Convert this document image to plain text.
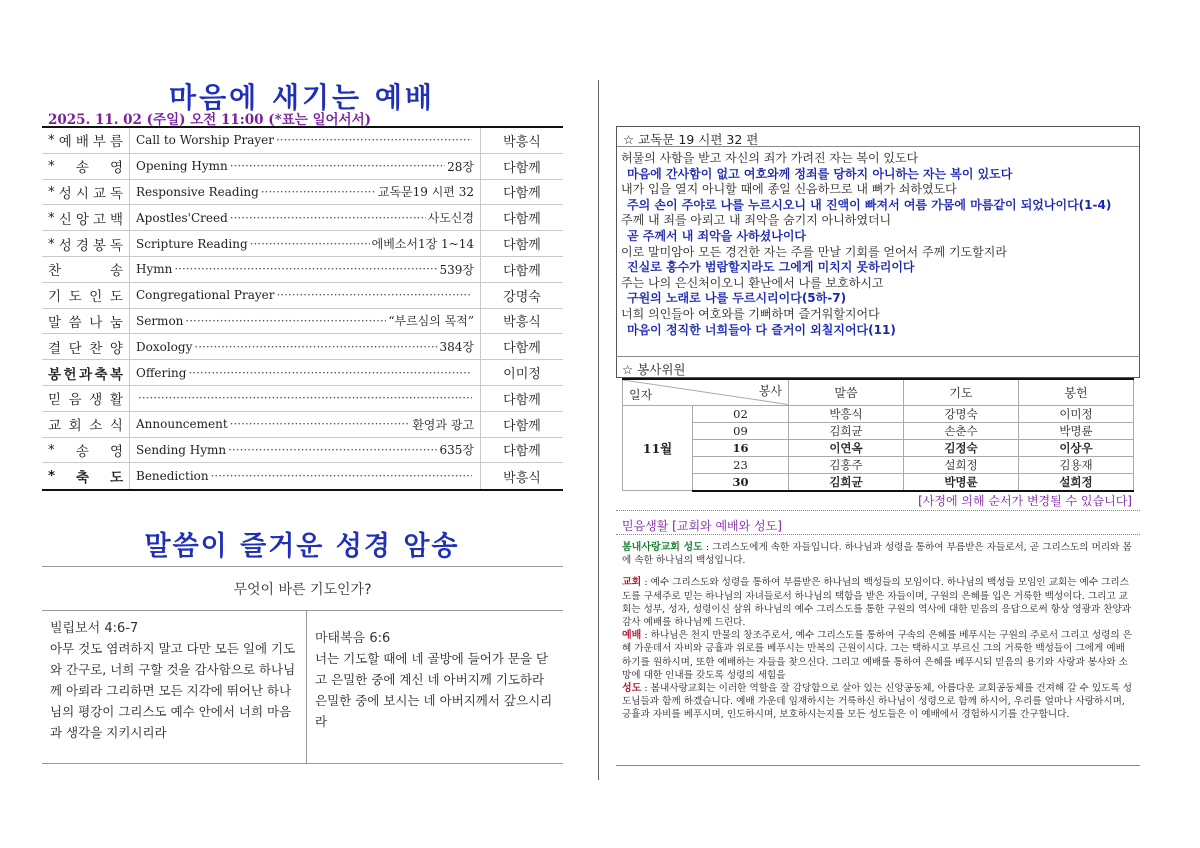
마음에 새기는 예배
2025. 11. 02 (주일) 오전 11:00 (*표는 일어서서)
* 예 배 부 름 Call to Worship Prayer ·····	박흥식
* 송 영 Opening Hymn ·····	28장	다함께
* 성 시 교 독 Responsive Reading ·····	교독문19 시편 32	다함께
* 신 앙 고 백 Apostles'Creed ·····	사도신경	다함께
* 성 경 봉 독 Scripture Reading ·····	에베소서1장 1~14	다함께
찬	송 Hymn ·····	539장	다함께
기 도 인 도 Congregational Prayer ·····	강명숙
말 씀 나 눔 Sermon ·····	“부르심의 목적”	박흥식
결 단 찬 양 Doxology ·····	384장	다함께
봉 헌 과 축 복 Offering ·····	이미정
믿 음 생 활 ·····	다함께
교 회 소 식 Announcement ·····	환영과 광고	다함께
* 송 영 Sending Hymn ·····	635장	다함께
* 축 도 Benediction ·····	박흥식
말씀이 즐거운 성경 암송
무엇이 바른 기도인가?
빌립보서 4:6-7
아무 것도 염려하지 말고 다만 모든 일에 기도와 간구로, 너희 구할 것을 감사함으로 하나님께 아뢰라 그리하면 모든 지각에 뛰어난 하나님의 평강이 그리스도 예수 안에서 너희 마음과 생각을 지키시리라
마태복음 6:6
너는 기도할 때에 네 골방에 들어가 문을 닫고 은밀한 중에 계신 네 아버지께 기도하라 은밀한 중에 보시는 네 아버지께서 갚으시리라
☆ 교독문 19 시편 32 편
허물의 사함을 받고 자신의 죄가 가려진 자는 복이 있도다
마음에 간사함이 없고 여호와께 정죄를 당하지 아니하는 자는 복이 있도다
내가 입을 열지 아니할 때에 종일 신음하므로 내 뼈가 쇠하였도다
주의 손이 주야로 나를 누르시오니 내 진액이 빠져서 여름 가뭄에 마름같이 되었나이다(1-4)
주께 내 죄를 아뢰고 내 죄악을 숨기지 아니하였더니
곧 주께서 내 죄악을 사하셨나이다
이로 말미암아 모든 경건한 자는 주를 만날 기회를 얻어서 주께 기도할지라
진실로 홍수가 범람할지라도 그에게 미치지 못하리이다
주는 나의 은신처이오니 환난에서 나를 보호하시고
구원의 노래로 나를 두르시리이다(5하-7)
너희 의인들아 여호와를 기뻐하며 즐거워할지어다
마음이 정직한 너희들아 다 즐거이 외칠지어다(11)
☆ 봉사위원
봉사
일자		말씀	기도	봉헌
11월	02	박흥식	강명숙	이미정
	09	김희균	손춘수	박명륜
	16	이연옥	김정숙	이상우
	23	김홍주	설희정	김용재
	30	김희균	박명륜	설희정
[사정에 의해 순서가 변경될 수 있습니다]
믿음생활 [교회와 예배와 성도]
봄내사랑교회 성도 : 그리스도에게 속한 자들입니다. 하나님과 성령을 통하여 부름받은 자들로서, 곧 그리스도의 머리와 몸에 속한 하나님의 백성입니다.
교회 : 예수 그리스도와 성령을 통하여 부름받은 하나님의 백성들의 모임이다. 하나님의 백성들 모임인 교회는 예수 그리스도를 구세주로 믿는 하나님의 자녀들로서 하나님의 택함을 받은 자들이며, 구원의 은혜를 입은 거룩한 백성이다. 그리고 교회는 성부, 성자, 성령이신 삼위 하나님의 예수 그리스도를 통한 구원의 역사에 대한 믿음의 응답으로써 항상 영광과 찬양과 감사 예배를 하나님께 드린다.
예배 : 하나님은 천지 만물의 창조주로서, 예수 그리스도를 통하여 구속의 은혜를 베푸시는 구원의 주로서 그리고 성령의 은혜 가운데서 자비와 긍휼과 위로를 베푸시는 만복의 근원이시다. 그는 택하시고 부르신 그의 거룩한 백성들이 그에게 예배하기를 원하시며, 또한 예배하는 자들을 찾으신다. 그리고 예배를 통하여 은혜를 베푸시되 믿음의 용기와 사랑과 봉사와 소망에 대한 인내를 갖도록 성령의 세힘을
성도 : 봄내사랑교회는 이러한 역할을 잘 감당함으로 살아 있는 신앙공동체, 아름다운 교회공동체를 건져해 갈 수 있도록 성도님들과 함께 하겠습니다. 예배 가운데 임재하시는 거룩하신 하나님이 성령으로 함께 하시어, 우리를 얼마나 사랑하시며, 긍휼과 자비를 베푸시며, 인도하시며, 보호하시는지를 모든 성도들은 이 예배에서 경험하시기를 간구합니다.
